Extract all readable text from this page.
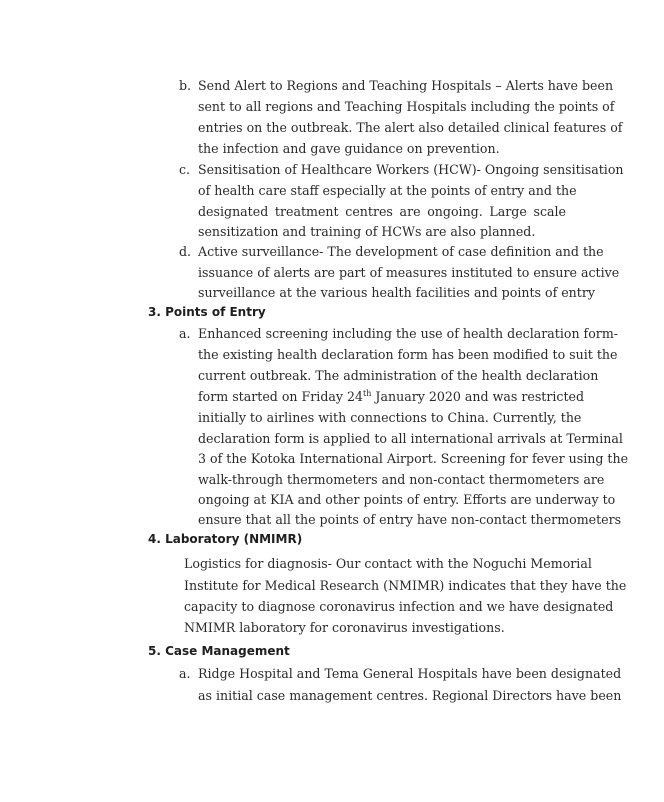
b. Send Alert to Regions and Teaching Hospitals – Alerts have been
sent to all regions and Teaching Hospitals including the points of
entries on the outbreak. The alert also detailed clinical features of
the infection and gave guidance on prevention.
c. Sensitisation of Healthcare Workers (HCW)- Ongoing sensitisation
of health care staff especially at the points of entry and the
designated treatment centres are ongoing. Large scale
sensitization and training of HCWs are also planned.
d. Active surveillance- The development of case definition and the
issuance of alerts are part of measures instituted to ensure active
surveillance at the various health facilities and points of entry
3. Points of Entry
a. Enhanced screening including the use of health declaration form-
the existing health declaration form has been modified to suit the
current outbreak. The administration of the health declaration
form started on Friday 24th January 2020 and was restricted
initially to airlines with connections to China. Currently, the
declaration form is applied to all international arrivals at Terminal
3 of the Kotoka International Airport. Screening for fever using the
walk-through thermometers and non-contact thermometers are
ongoing at KIA and other points of entry. Efforts are underway to
ensure that all the points of entry have non-contact thermometers
4. Laboratory (NMIMR)
Logistics for diagnosis- Our contact with the Noguchi Memorial
Institute for Medical Research (NMIMR) indicates that they have the
capacity to diagnose coronavirus infection and we have designated
NMIMR laboratory for coronavirus investigations.
5. Case Management
a. Ridge Hospital and Tema General Hospitals have been designated
as initial case management centres. Regional Directors have been
